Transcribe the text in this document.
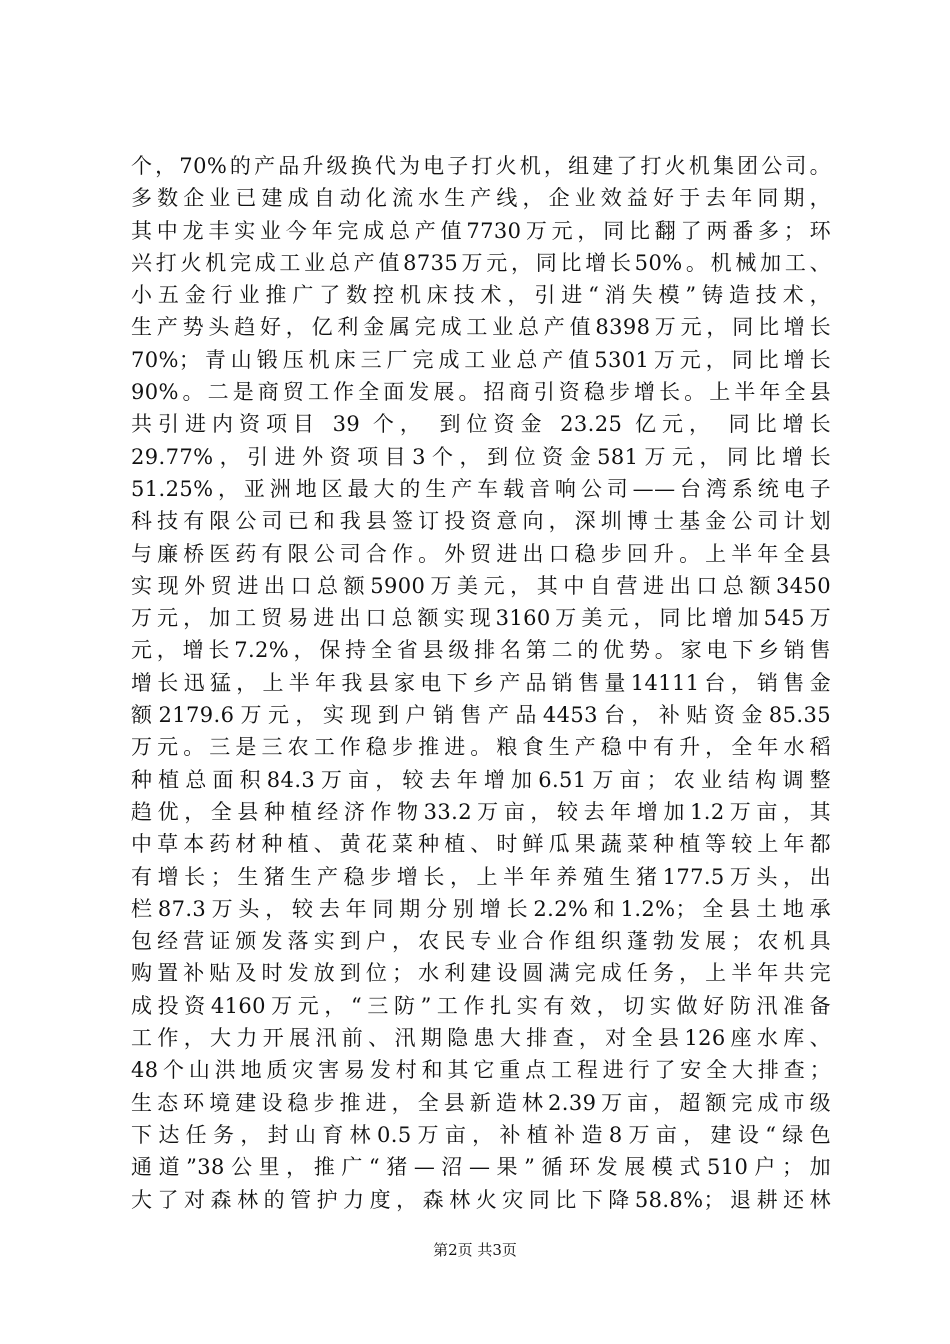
个，70%的产品升级换代为电子打火机，组建了打火机集团公司。
多数企业已建成自动化流水生产线，企业效益好于去年同期，
其中龙丰实业今年完成总产值7730万元，同比翻了两番多；环
兴打火机完成工业总产值8735万元，同比增长50%。机械加工、
小五金行业推广了数控机床技术，引进“消失模”铸造技术，
生产势头趋好，亿利金属完成工业总产值8398万元，同比增长
70%；青山锻压机床三厂完成工业总产值5301万元，同比增长
90%。二是商贸工作全面发展。招商引资稳步增长。上半年全县
共引进内资项目 39 个， 到位资金 23.25 亿元， 同比增长
29.77%，引进外资项目3个，到位资金581万元，同比增长
51.25%，亚洲地区最大的生产车载音响公司——台湾系统电子
科技有限公司已和我县签订投资意向，深圳博士基金公司计划
与廉桥医药有限公司合作。外贸进出口稳步回升。上半年全县
实现外贸进出口总额5900万美元，其中自营进出口总额3450
万元，加工贸易进出口总额实现3160万美元，同比增加545万
元，增长7.2%，保持全省县级排名第二的优势。家电下乡销售
增长迅猛，上半年我县家电下乡产品销售量14111台，销售金
额2179.6万元，实现到户销售产品4453台，补贴资金85.35
万元。三是三农工作稳步推进。粮食生产稳中有升，全年水稻
种植总面积84.3万亩，较去年增加6.51万亩；农业结构调整
趋优，全县种植经济作物33.2万亩，较去年增加1.2万亩，其
中草本药材种植、黄花菜种植、时鲜瓜果蔬菜种植等较上年都
有增长；生猪生产稳步增长，上半年养殖生猪177.5万头，出
栏87.3万头，较去年同期分别增长2.2%和1.2%；全县土地承
包经营证颁发落实到户，农民专业合作组织蓬勃发展；农机具
购置补贴及时发放到位；水利建设圆满完成任务，上半年共完
成投资4160万元，“三防”工作扎实有效，切实做好防汛准备
工作，大力开展汛前、汛期隐患大排查，对全县126座水库、
48个山洪地质灾害易发村和其它重点工程进行了安全大排查；
生态环境建设稳步推进，全县新造林2.39万亩，超额完成市级
下达任务，封山育林0.5万亩，补植补造8万亩，建设“绿色
通道”38公里，推广“猪—沼—果”循环发展模式510户；加
大了对森林的管护力度，森林火灾同比下降58.8%；退耕还林
第2页 共3页
